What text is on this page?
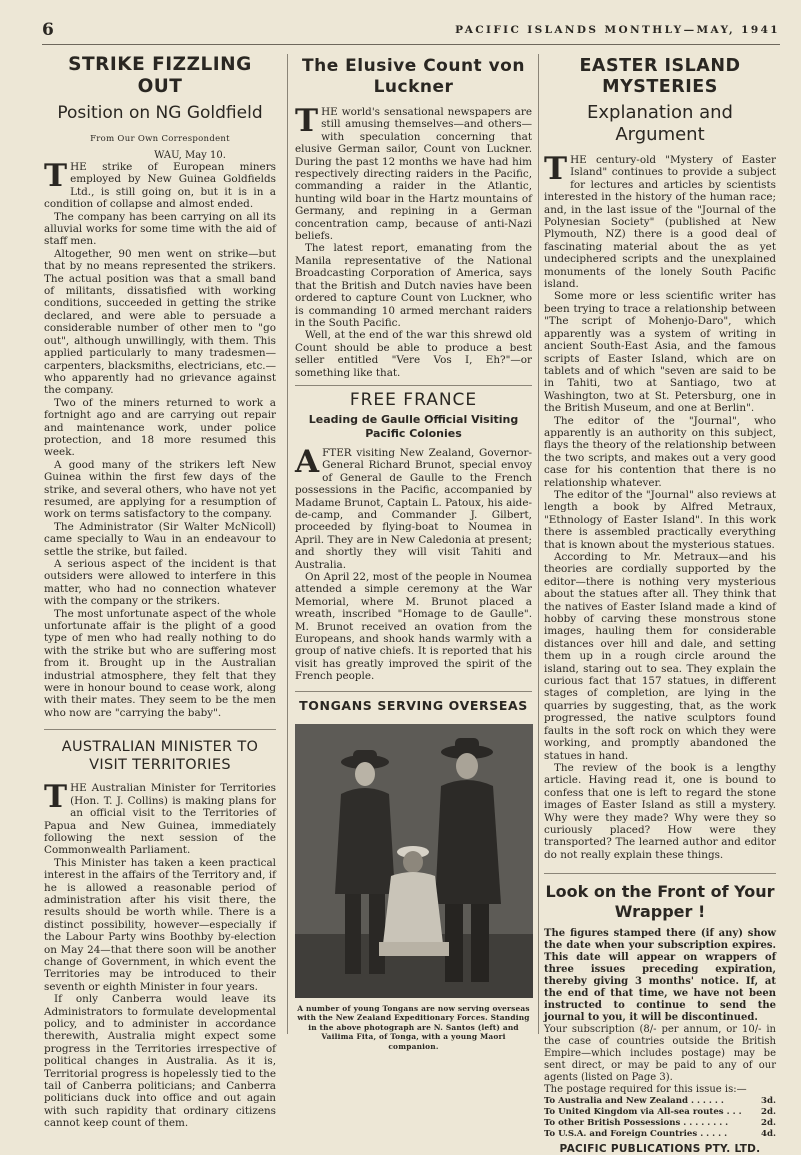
6	PACIFIC ISLANDS MONTHLY—MAY, 1941
STRIKE FIZZLING OUT
Position on NG Goldfield
From Our Own Correspondent
WAU, May 10.

THE strike of European miners employed by New Guinea Goldfields Ltd., is still going on, but it is in a condition of collapse and almost ended.

The company has been carrying on all its alluvial works for some time with the aid of staff men.

Altogether, 90 men went on strike—but that by no means represented the strikers. The actual position was that a small band of militants, dissatisfied with working conditions, succeeded in getting the strike declared, and were able to persuade a considerable number of other men to "go out", although unwillingly, with them. This applied particularly to many tradesmen—carpenters, blacksmiths, electricians, etc.—who apparently had no grievance against the company.

Two of the miners returned to work a fortnight ago and are carrying out repair and maintenance work, under police protection, and 18 more resumed this week.

A good many of the strikers left New Guinea within the first few days of the strike, and several others, who have not yet resumed, are applying for a resumption of work on terms satisfactory to the company.

The Administrator (Sir Walter McNicoll) came specially to Wau in an endeavour to settle the strike, but failed.

A serious aspect of the incident is that outsiders were allowed to interfere in this matter, who had no connection whatever with the company or the strikers.

The most unfortunate aspect of the whole unfortunate affair is the plight of a good type of men who had really nothing to do with the strike but who are suffering most from it. Brought up in the Australian industrial atmosphere, they felt that they were in honour bound to cease work, along with their mates. They seem to be the men who now are "carrying the baby".

AUSTRALIAN MINISTER TO VISIT TERRITORIES

THE Australian Minister for Territories (Hon. T. J. Collins) is making plans for an official visit to the Territories of Papua and New Guinea, immediately following the next session of the Commonwealth Parliament.

This Minister has taken a keen practical interest in the affairs of the Territory and, if he is allowed a reasonable period of administration after his visit there, the results should be worth while. There is a distinct possibility, however—especially if the Labour Party wins Boothby by-election on May 24—that there soon will be another change of Government, in which event the Territories may be introduced to their seventh or eighth Minister in four years.

If only Canberra would leave its Administrators to formulate developmental policy, and to administer in accordance therewith, Australia might expect some progress in the Territories irrespective of political changes in Australia. As it is, Territorial progress is hopelessly tied to the tail of Canberra politicians; and Canberra politicians duck into office and out again with such rapidity that ordinary citizens cannot keep count of them.

The Elusive Count von Luckner

THE world's sensational newspapers are still amusing themselves—and others—with speculation concerning that elusive German sailor, Count von Luckner. During the past 12 months we have had him respectively directing raiders in the Pacific, commanding a raider in the Atlantic, hunting wild boar in the Hartz mountains of Germany, and repining in a German concentration camp, because of anti-Nazi beliefs.

The latest report, emanating from the Manila representative of the National Broadcasting Corporation of America, says that the British and Dutch navies have been ordered to capture Count von Luckner, who is commanding 10 armed merchant raiders in the South Pacific.

Well, at the end of the war this shrewd old Count should be able to produce a best seller entitled "Vere Vos I, Eh?"—or something like that.

FREE FRANCE
Leading de Gaulle Official Visiting Pacific Colonies

AFTER visiting New Zealand, Governor-General Richard Brunot, special envoy of General de Gaulle to the French possessions in the Pacific, accompanied by Madame Brunot, Captain L. Patoux, his aide-de-camp, and Commander J. Gilbert, proceeded by flying-boat to Noumea in April. They are in New Caledonia at present; and shortly they will visit Tahiti and Australia.

On April 22, most of the people in Noumea attended a simple ceremony at the War Memorial, where M. Brunot placed a wreath, inscribed "Homage to de Gaulle". M. Brunot received an ovation from the Europeans, and shook hands warmly with a group of native chiefs. It is reported that his visit has greatly improved the spirit of the French people.

TONGANS SERVING OVERSEAS

A number of young Tongans are now serving overseas with the New Zealand Expeditionary Forces. Standing in the above photograph are N. Santos (left) and Vailima Fita, of Tonga, with a young Maori companion.

EASTER ISLAND MYSTERIES
Explanation and Argument

THE century-old "Mystery of Easter Island" continues to provide a subject for lectures and articles by scientists interested in the history of the human race; and, in the last issue of the "Journal of the Polynesian Society" (published at New Plymouth, NZ) there is a good deal of fascinating material about the as yet undeciphered scripts and the unexplained monuments of the lonely South Pacific island.

Some more or less scientific writer has been trying to trace a relationship between "The script of Mohenjo-Daro", which apparently was a system of writing in ancient South-East Asia, and the famous scripts of Easter Island, which are on tablets and of which "seven are said to be in Tahiti, two at Santiago, two at Washington, two at St. Petersburg, one in the British Museum, and one at Berlin".

The editor of the "Journal", who apparently is an authority on this subject, flays the theory of the relationship between the two scripts, and makes out a very good case for his contention that there is no relationship whatever.

The editor of the "Journal" also reviews at length a book by Alfred Metraux, "Ethnology of Easter Island". In this work there is assembled practically everything that is known about the mysterious statues.

According to Mr. Metraux—and his theories are cordially supported by the editor—there is nothing very mysterious about the statues after all. They think that the natives of Easter Island made a kind of hobby of carving these monstrous stone images, hauling them for considerable distances over hill and dale, and setting them up in a rough circle around the island, staring out to sea. They explain the curious fact that 157 statues, in different stages of completion, are lying in the quarries by suggesting, that, as the work progressed, the native sculptors found faults in the soft rock on which they were working, and promptly abandoned the statues in hand.

The review of the book is a lengthy article. Having read it, one is bound to confess that one is left to regard the stone images of Easter Island as still a mystery. Why were they made? Why were they so curiously placed? How were they transported? The learned author and editor do not really explain these things.

Look on the Front of Your Wrapper !

The figures stamped there (if any) show the date when your subscription expires. This date will appear on wrappers of three issues preceding expiration, thereby giving 3 months' notice. If, at the end of that time, we have not been instructed to continue to send the journal to you, it will be discontinued.

Your subscription (8/- per annum, or 10/- in the case of countries outside the British Empire—which includes postage) may be sent direct, or may be paid to any of our agents (listed on Page 3).

The postage required for this issue is:—

To Australia and New Zealand . . . . . .	3d.
To United Kingdom via All-sea routes . . . 2d.
To other British Possessions . . . . . . . .	2d.
To U.S.A. and Foreign Countries . . . . .	4d.
PACIFIC PUBLICATIONS PTY. LTD.
